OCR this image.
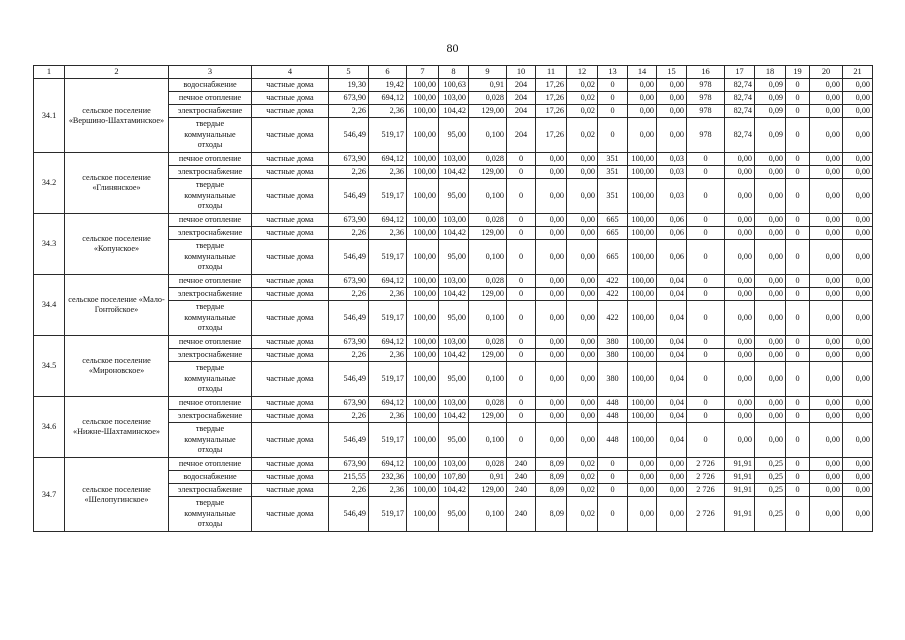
80
1	2	3	4	5	6	7	8	9	10	11	12	13	14	15	16	17	18	19	20	21
34.1	сельское поселение «Вершино-Шахтаминское»	водоснабжение	частные дома	19,30	19,42	100,00	100,63	0,91	204	17,26	0,02	0	0,00	0,00	978	82,74	0,09	0	0,00	0,00
		печное отопление	частные дома	673,90	694,12	100,00	103,00	0,028	204	17,26	0,02	0	0,00	0,00	978	82,74	0,09	0	0,00	0,00
		электроснабжение	частные дома	2,26	2,36	100,00	104,42	129,00	204	17,26	0,02	0	0,00	0,00	978	82,74	0,09	0	0,00	0,00
		твердые коммунальные отходы	частные дома	546,49	519,17	100,00	95,00	0,100	204	17,26	0,02	0	0,00	0,00	978	82,74	0,09	0	0,00	0,00
34.2	сельское поселение «Глинянское»	печное отопление	частные дома	673,90	694,12	100,00	103,00	0,028	0	0,00	0,00	351	100,00	0,03	0	0,00	0,00	0	0,00	0,00
		электроснабжение	частные дома	2,26	2,36	100,00	104,42	129,00	0	0,00	0,00	351	100,00	0,03	0	0,00	0,00	0	0,00	0,00
		твердые коммунальные отходы	частные дома	546,49	519,17	100,00	95,00	0,100	0	0,00	0,00	351	100,00	0,03	0	0,00	0,00	0	0,00	0,00
34.3	сельское поселение «Копунское»	печное отопление	частные дома	673,90	694,12	100,00	103,00	0,028	0	0,00	0,00	665	100,00	0,06	0	0,00	0,00	0	0,00	0,00
		электроснабжение	частные дома	2,26	2,36	100,00	104,42	129,00	0	0,00	0,00	665	100,00	0,06	0	0,00	0,00	0	0,00	0,00
		твердые коммунальные отходы	частные дома	546,49	519,17	100,00	95,00	0,100	0	0,00	0,00	665	100,00	0,06	0	0,00	0,00	0	0,00	0,00
34.4	сельское поселение «Мало-Гонтойское»	печное отопление	частные дома	673,90	694,12	100,00	103,00	0,028	0	0,00	0,00	422	100,00	0,04	0	0,00	0,00	0	0,00	0,00
		электроснабжение	частные дома	2,26	2,36	100,00	104,42	129,00	0	0,00	0,00	422	100,00	0,04	0	0,00	0,00	0	0,00	0,00
		твердые коммунальные отходы	частные дома	546,49	519,17	100,00	95,00	0,100	0	0,00	0,00	422	100,00	0,04	0	0,00	0,00	0	0,00	0,00
34.5	сельское поселение «Мироновское»	печное отопление	частные дома	673,90	694,12	100,00	103,00	0,028	0	0,00	0,00	380	100,00	0,04	0	0,00	0,00	0	0,00	0,00
		электроснабжение	частные дома	2,26	2,36	100,00	104,42	129,00	0	0,00	0,00	380	100,00	0,04	0	0,00	0,00	0	0,00	0,00
		твердые коммунальные отходы	частные дома	546,49	519,17	100,00	95,00	0,100	0	0,00	0,00	380	100,00	0,04	0	0,00	0,00	0	0,00	0,00
34.6	сельское поселение «Нижне-Шахтаминское»	печное отопление	частные дома	673,90	694,12	100,00	103,00	0,028	0	0,00	0,00	448	100,00	0,04	0	0,00	0,00	0	0,00	0,00
		электроснабжение	частные дома	2,26	2,36	100,00	104,42	129,00	0	0,00	0,00	448	100,00	0,04	0	0,00	0,00	0	0,00	0,00
		твердые коммунальные отходы	частные дома	546,49	519,17	100,00	95,00	0,100	0	0,00	0,00	448	100,00	0,04	0	0,00	0,00	0	0,00	0,00
34.7	сельское поселение «Шелопугинское»	печное отопление	частные дома	673,90	694,12	100,00	103,00	0,028	240	8,09	0,02	0	0,00	0,00	2 726	91,91	0,25	0	0,00	0,00
		водоснабжение	частные дома	215,55	232,36	100,00	107,80	0,91	240	8,09	0,02	0	0,00	0,00	2 726	91,91	0,25	0	0,00	0,00
		электроснабжение	частные дома	2,26	2,36	100,00	104,42	129,00	240	8,09	0,02	0	0,00	0,00	2 726	91,91	0,25	0	0,00	0,00
		твердые коммунальные отходы	частные дома	546,49	519,17	100,00	95,00	0,100	240	8,09	0,02	0	0,00	0,00	2 726	91,91	0,25	0	0,00	0,00
